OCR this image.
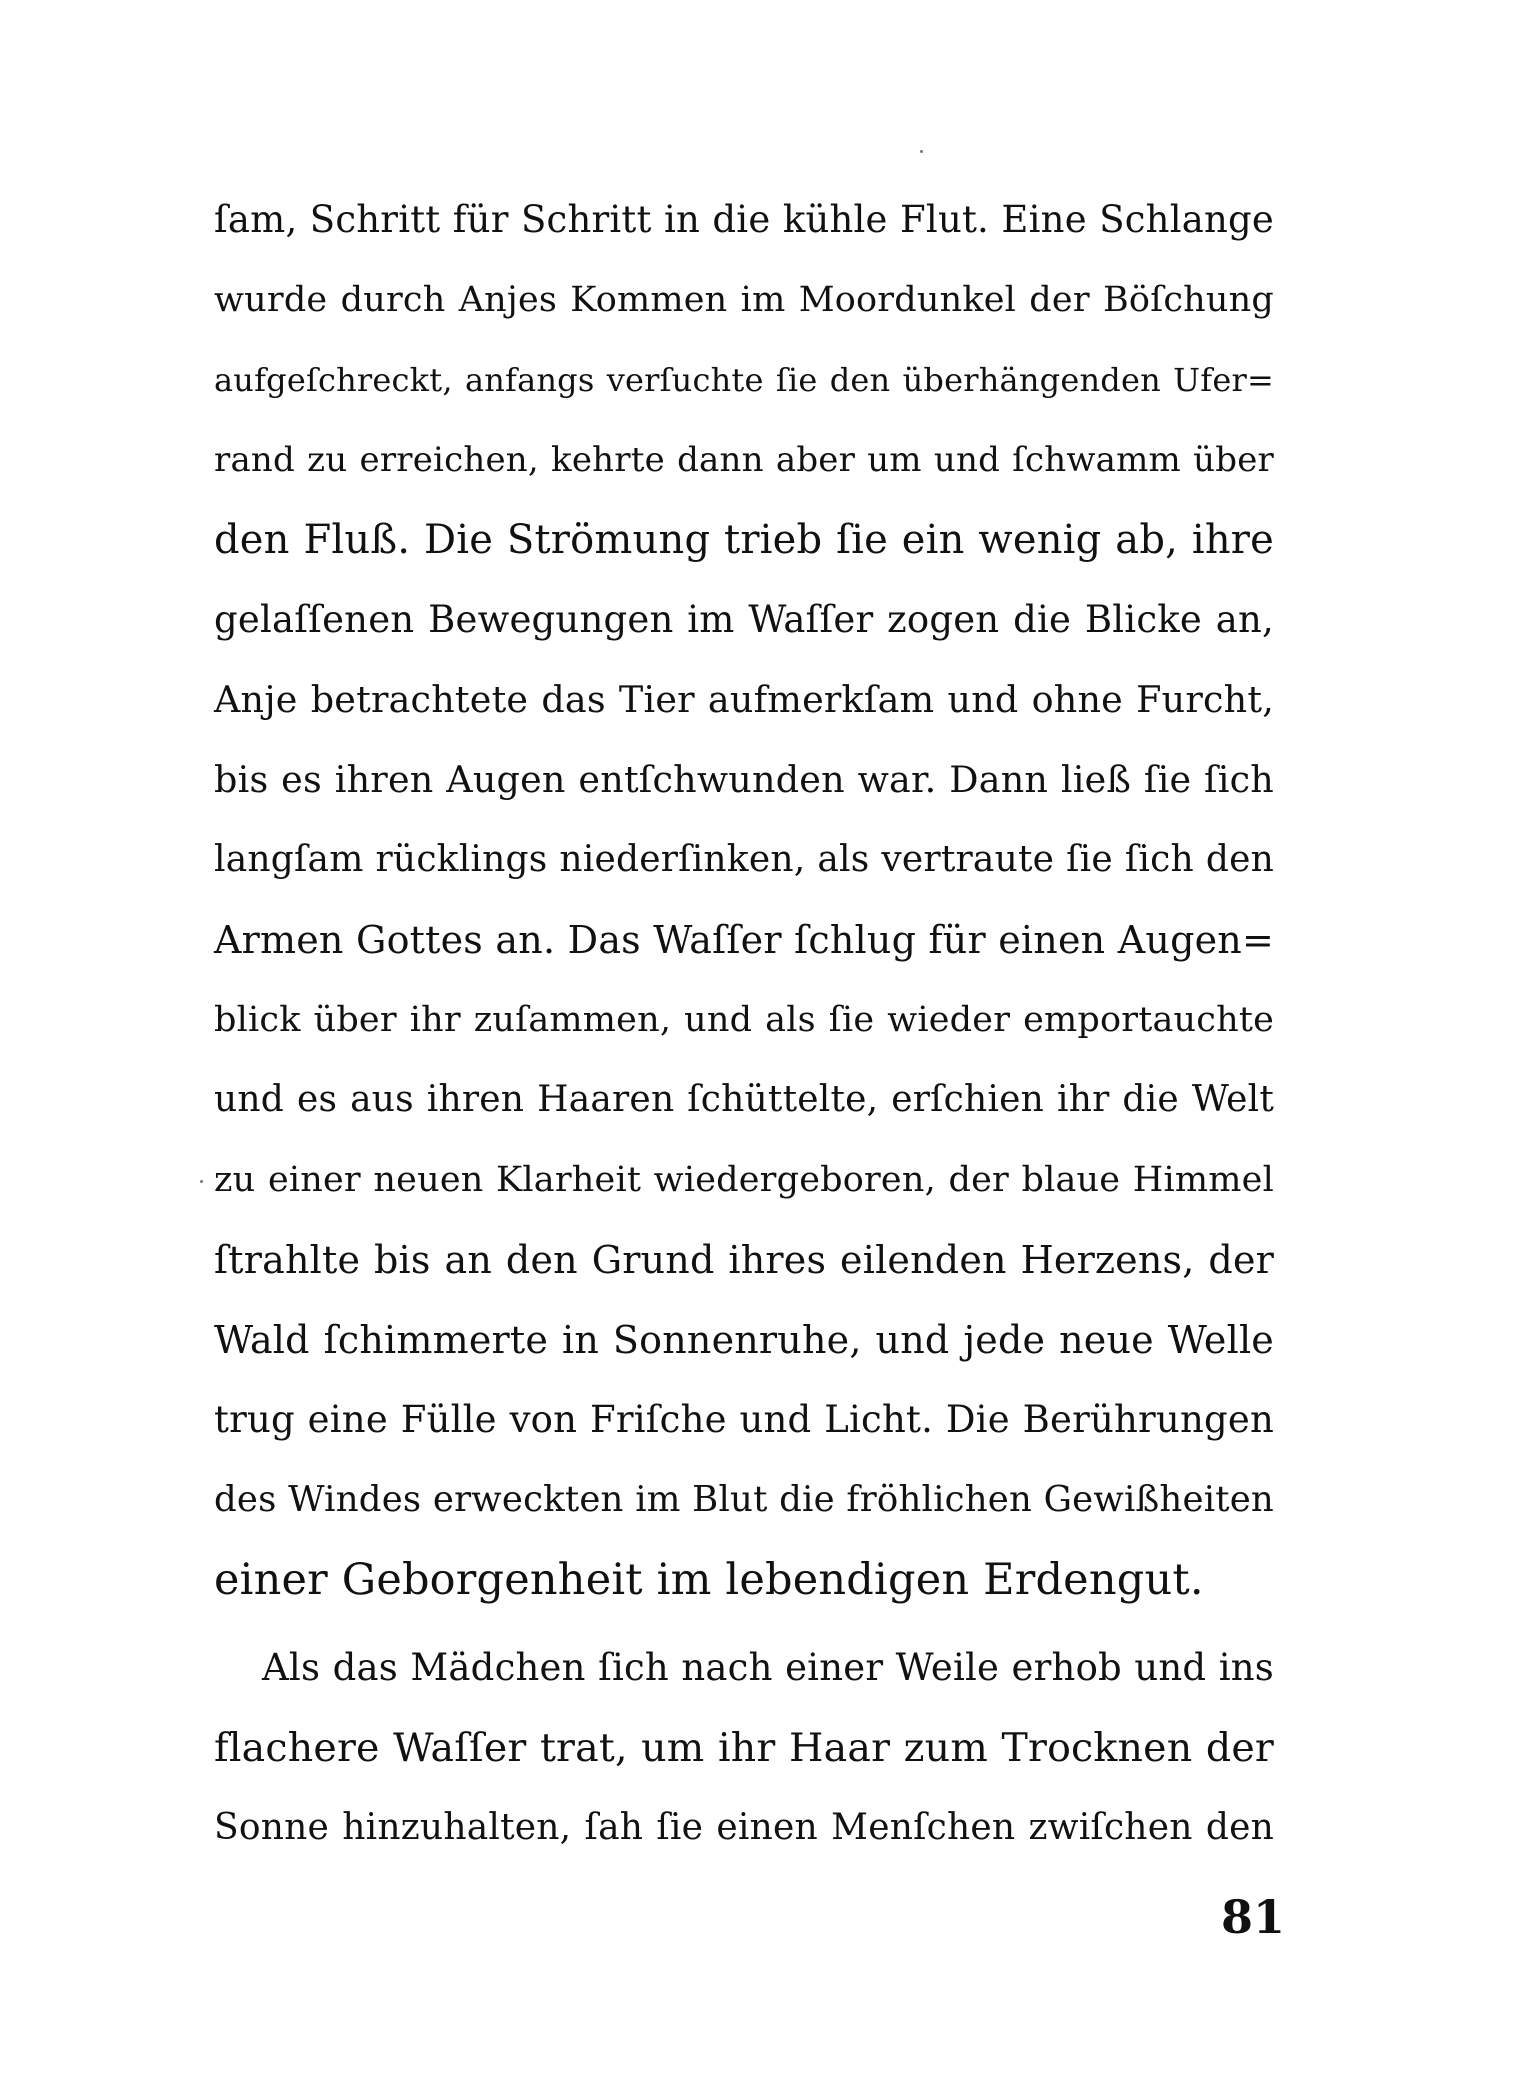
ſam, Schritt für Schritt in die kühle Flut. Eine Schlange
wurde durch Anjes Kommen im Moordunkel der Böſchung
aufgeſchreckt, anfangs verſuchte ſie den überhängenden Ufer=
rand zu erreichen, kehrte dann aber um und ſchwamm über
den Fluß. Die Strömung trieb ſie ein wenig ab, ihre
gelaſſenen Bewegungen im Waſſer zogen die Blicke an,
Anje betrachtete das Tier aufmerkſam und ohne Furcht,
bis es ihren Augen entſchwunden war. Dann ließ ſie ſich
langſam rücklings niederſinken, als vertraute ſie ſich den
Armen Gottes an. Das Waſſer ſchlug für einen Augen=
blick über ihr zuſammen, und als ſie wieder emportauchte
und es aus ihren Haaren ſchüttelte, erſchien ihr die Welt
zu einer neuen Klarheit wiedergeboren, der blaue Himmel
ſtrahlte bis an den Grund ihres eilenden Herzens, der
Wald ſchimmerte in Sonnenruhe, und jede neue Welle
trug eine Fülle von Friſche und Licht. Die Berührungen
des Windes erweckten im Blut die fröhlichen Gewißheiten
einer Geborgenheit im lebendigen Erdengut.
Als das Mädchen ſich nach einer Weile erhob und ins
flachere Waſſer trat, um ihr Haar zum Trocknen der
Sonne hinzuhalten, ſah ſie einen Menſchen zwiſchen den
81
